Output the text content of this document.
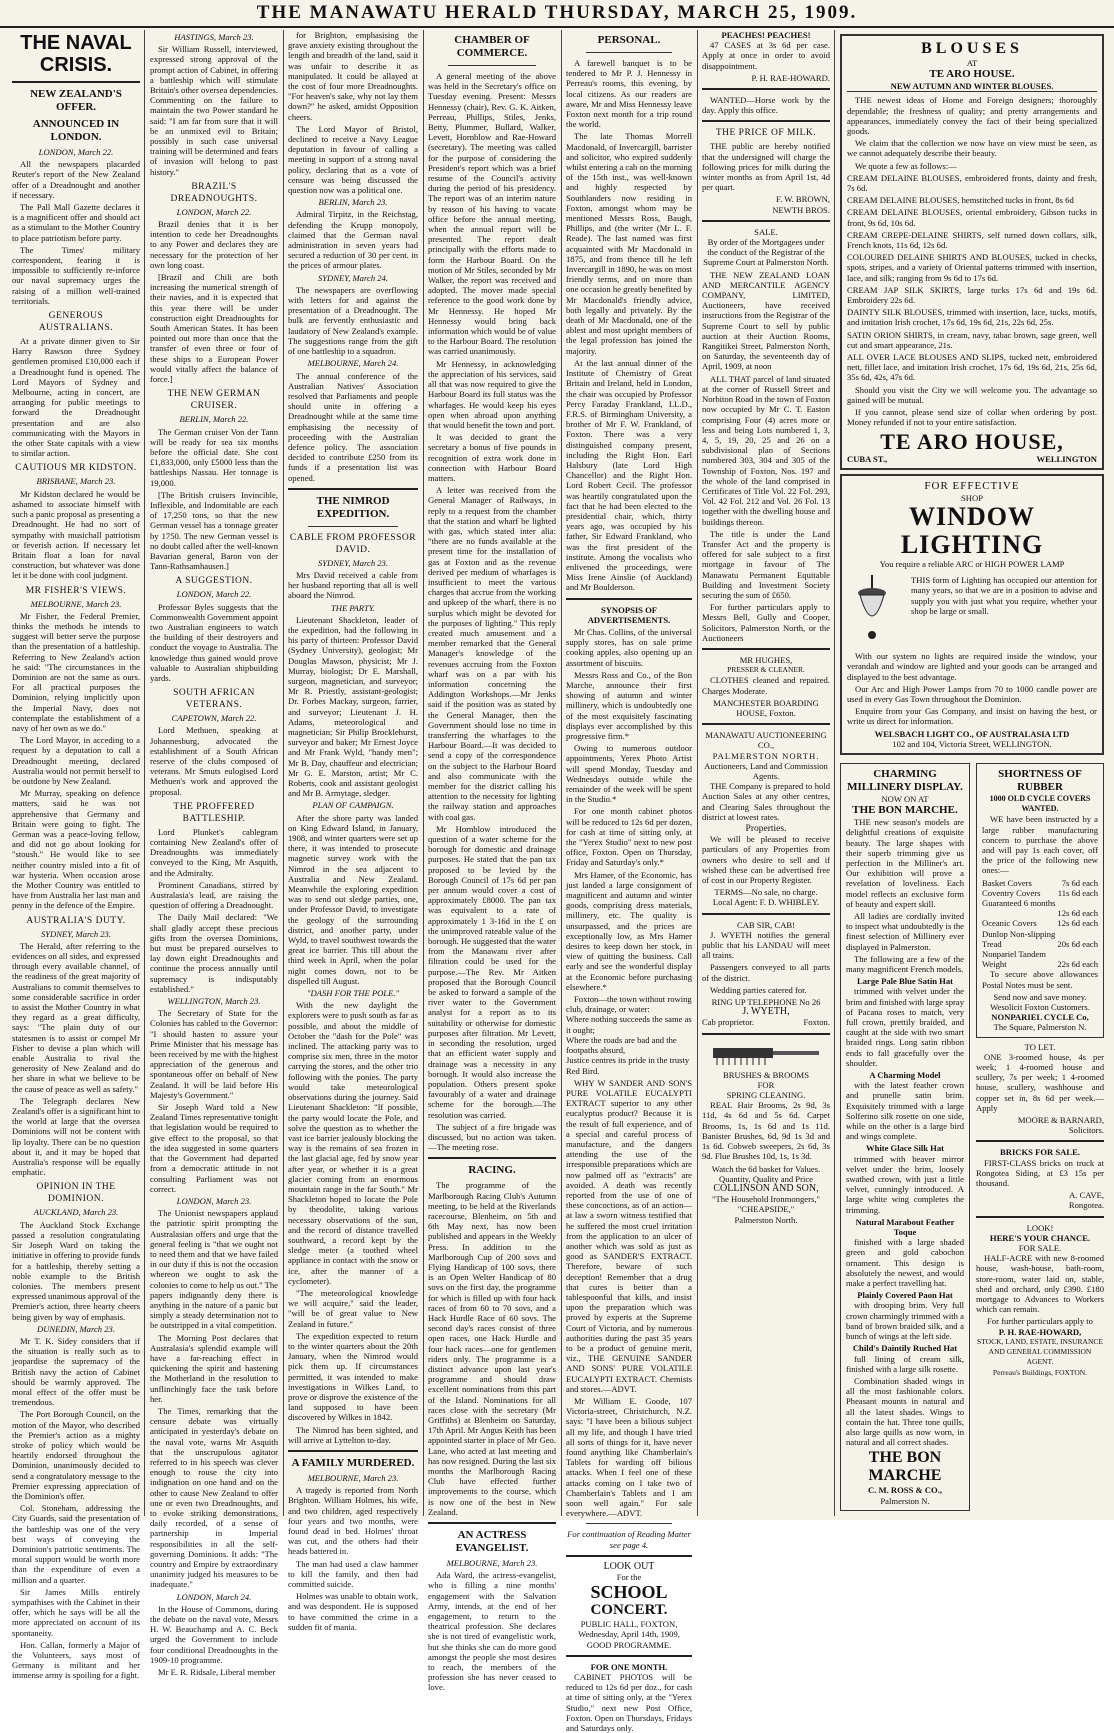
THE MANAWATU HERALD THURSDAY, MARCH 25, 1909.
THE NAVAL CRISIS.
NEW ZEALAND'S OFFER.
ANNOUNCED IN LONDON.
LONDON, March 22.

All the newspapers placarded Reuter's report of the New Zealand offer of a Dreadnought and another if necessary.

The Pall Mall Gazette declares it is a magnificent offer and should act as a stimulant to the Mother Country to place patriotism before party.

The Times' military correspondent, fearing it is impossible to sufficiently re-inforce our naval supremacy urges the raising of a million well-trained territorials.

GENEROUS AUSTRALIANS.

At a private dinner given to Sir Harry Rawson three Sydney gentlemen promised £10,000 each if a Dreadnought fund is opened. The Lord Mayors of Sydney and Melbourne, acting in concert, are arranging for public meetings to forward the Dreadnought presentation and are also communicating with the Mayors in the other State capitals with a view to similar action.

CAUTIOUS MR KIDSTON.
BRISBANE, March 23.

Mr Kidston declared he would be ashamed to associate himself with such a panic proposal as presenting a Dreadnought. He had no sort of sympathy with musichall patriotism or feverish action. If necessary let Britain float a loan for naval construction, but whatever was done let it be done with cool judgment.

MR FISHER'S VIEWS.
MELBOURNE, March 23.

Mr Fisher, the Federal Premier, thinks the methods he intends to suggest will better serve the purpose than the presentation of a battleship. Referring to New Zealand's action he said: "The circumstances in the Dominion are not the same as ours. For all practical purposes the Dominion, relying implicitly upon the Imperial Navy, does not contemplate the establishment of a navy of her own as we do."

The Lord Mayor, in acceding to a request by a deputation to call a Dreadnought meeting, declared Australia would not permit herself to be outdone by New Zealand.

Mr Murray, speaking on defence matters, said he was not apprehensive that Germany and Britain were going to fight. The German was a peace-loving fellow, and did not go about looking for "stoush." He would like to see neither country misled into a fit of war hysteria. When occasion arose the Mother Country was entitled to have from Australia her last man and penny in the defence of the Empire.

AUSTRALIA'S DUTY.
SYDNEY, March 23.

The Herald, after referring to the evidences on all sides, and expressed through every available channel, of the readiness of the great majority of Australians to commit themselves to some considerable sacrifice in order to assist the Mother Country in what they regard as a great difficulty, says: "The plain duty of our statesmen is to assist or compel Mr Fisher to devise a plan which will enable Australia to rival the generosity of New Zealand and do her share in what we believe to be the cause of peace as well as safety."

The Telegraph declares New Zealand's offer is a significant hint to the world at large that the oversea Dominions will not be content with lip loyalty. There can be no question about it, and it may be hoped that Australia's response will be equally emphatic.

OPINION IN THE DOMINION.
AUCKLAND, March 23.

The Auckland Stock Exchange passed a resolution congratulating Sir Joseph Ward on taking the initiative in offering to provide funds for a battleship, thereby setting a noble example to the British colonies. The members present expressed unanimous approval of the Premier's action, three hearty cheers being given by way of emphasis.

DUNEDIN, March 23.

Mr T. K. Sidey considers that if the situation is really such as to jeopardise the supremacy of the British navy the action of Cabinet should be warmly approved. The moral effect of the offer must be tremendous.

The Port Borough Council, on the motion of the Mayor, who described the Premier's action as a mighty stroke of policy which would be heartily endorsed throughout the Dominion, unanimously decided to send a congratulatory message to the Premier expressing appreciation of the Dominion's offer.

Col. Stoneham, addressing the City Guards, said the presentation of the battleship was one of the very best ways of conveying the Dominion's patriotic sentiments. The moral support would be worth more than the expenditure of even a million and a quarter.

Sir James Mills entirely sympathises with the Cabinet in their offer, which he says will be all the more appreciated on account of its spontaneity.

Hon. Callan, formerly a Major of the Volunteers, says most of Germany is militant and her immense army is spoiling for a fight.

HASTINGS, March 23.

Sir William Russell, interviewed, expressed strong approval of the prompt action of Cabinet, in offering a battleship which will stimulate Britain's other oversea dependencies. Commenting on the failure to maintain the two Power standard he said: "I am far from sure that it will be an unmixed evil to Britain; possibly in such case universal training will be determined and fears of invasion will belong to past history."

BRAZIL'S DREADNOUGHTS.
LONDON, March 22.

Brazil denies that it is her intention to cede her Dreadnoughts to any Power and declares they are necessary for the protection of her own long coast.

[Brazil and Chili are both increasing the numerical strength of their navies, and it is expected that this year there will be under construction eight Dreadnoughts for South American States. It has been pointed out more than once that the transfer of even three or four of these ships to a European Power would vitally affect the balance of force.]

THE NEW GERMAN CRUISER.
BERLIN, March 22.

The German cruiser Von der Tann will be ready for sea six months before the official date. She cost £1,833,000, only £5000 less than the battleships Nassau. Her tonnage is 19,000.

[The British cruisers Invincible, Inflexible, and Indomitable are each of 17,250 tons, so that the new German vessel has a tonnage greater by 1750. The new German vessel is no doubt called after the well-known Bavarian general, Baron von der Tann-Rathsamhausen.]

A SUGGESTION.
LONDON, March 22.

Professor Byles suggests that the Commonwealth Government appoint two Australian engineers to watch the building of their destroyers and conduct the voyage to Australia. The knowledge thus gained would prove valuable to Australian shipbuilding yards.

SOUTH AFRICAN VETERANS.
CAPETOWN, March 22.

Lord Methuen, speaking at Johannesburg, advocated the establishment of a South African reserve of the clubs composed of veterans. Mr Smuts eulogised Lord Methuen's work and approved the proposal.

THE PROFFERED BATTLESHIP.

Lord Plunket's cablegram containing New Zealand's offer of Dreadnoughts was immediately conveyed to the King, Mr Asquith, and the Admiralty.

Prominent Canadians, stirred by Australasia's lead, are raising the question of offering a Dreadnought.

The Daily Mail declared: "We shall gladly accept these precious gifts from the oversea Dominions, but must be prepared ourselves to lay down eight Dreadnoughts and continue the process annually until supremacy is indisputably established."

WELLINGTON, March 23.

The Secretary of State for the Colonies has cabled to the Governor: "I should hasten to assure your Prime Minister that his message has been received by me with the highest appreciation of the generous and spontaneous offer on behalf of New Zealand. It will be laid before His Majesty's Government."

Sir Joseph Ward told a New Zealand Times representative tonight that legislation would be required to give effect to the proposal, so that the idea suggested in some quarters that the Government had departed from a democratic attitude in not consulting Parliament was not correct.

LONDON, March 23.

The Unionist newspapers applaud the patriotic spirit prompting the Australasian offers and urge that the general feeling is "that we ought not to need them and that we have failed in our duty if this is not the occasion whereon we ought to ask the colonies to come to help us out." The papers indignantly deny there is anything in the nature of a panic but simply a steady determination not to be outstripped in a vital competition.

The Morning Post declares that Australasia's splendid example will have a far-reaching effect in quickening the spirit and hastening the Motherland in the resolution to unflinchingly face the task before her.

The Times, remarking that the censure debate was virtually anticipated in yesterday's debate on the naval vote, warns Mr Asquith that the unscrupulous agitator referred to in his speech was clever enough to rouse the city into indignation on one hand and on the other to cause New Zealand to offer one or even two Dreadnoughts, and to evoke striking demonstrations, daily recorded, of a sense of partnership in Imperial responsibilities in all the self-governing Dominions. It adds: "The country and Empire by extraordinary unanimity judged his measures to be inadequate."

LONDON, March 24.

In the House of Commons, during the debate on the naval vote, Messrs H. W. Beauchamp and A. C. Beck urged the Government to include four conditional Dreadnoughts in the 1909-10 programme.

Mr E. R. Ridsale, Liberal member

for Brighton, emphasising the grave anxiety existing throughout the length and breadth of the land, said it was unfair to describe it as manipulated. It could be allayed at the cost of four more Dreadnoughts. "For heaven's sake, why not lay them down?" he asked, amidst Opposition cheers.

The Lord Mayor of Bristol, declined to receive a Navy League deputation in favour of calling a meeting in support of a strong naval policy, declaring that as a vote of censure was being discussed the question now was a political one.

BERLIN, March 23.

Admiral Tirpitz, in the Reichstag, defending the Krupp monopoly, claimed that the German naval administration in seven years had secured a reduction of 30 per cent. in the prices of armour plates.

SYDNEY, March 24.

The newspapers are overflowing with letters for and against the presentation of a Dreadnought. The bulk are fervently enthusiastic and laudatory of New Zealand's example. The suggestions range from the gift of one battleship to a squadron.

MELBOURNE, March 24.

The annual conference of the Australian Natives' Association resolved that Parliaments and people should unite in offering a Dreadnought while at the same time emphasising the necessity of proceeding with the Australian defence policy. The association decided to contribute £250 from its funds if a presentation list was opened.

THE NIMROD EXPEDITION.
CABLE FROM PROFESSOR DAVID.
SYDNEY, March 23.

Mrs David received a cable from her husband reporting that all is well aboard the Nimrod.

THE PARTY.

Lieutenant Shackleton, leader of the expedition, had the following in his party of thirteen: Professor David (Sydney University), geologist; Mr Douglas Mawson, physicist; Mr J. Murray, biologist; Dr E. Marshall, surgeon, magnetician, and surveyor; Mr R. Priestly, assistant-geologist; Dr. Forbes Mackay, surgeon, farrier, and surveyor; Lieutenant J. H. Adams, meteorological and magnetician; Sir Philip Brocklehurst, surveyor and baker; Mr Ernest Joyce and Mr Frank Wyld, "handy men"; Mr B. Day, chauffeur and electrician; Mr G. E. Marston, artist; Mr C. Roberts, cook and assistant geologist and Mr B. Armytage, sledger.

PLAN OF CAMPAIGN.

After the shore party was landed on King Edward Island, in January, 1908, and winter quarters were set up there, it was intended to prosecute magnetic survey work with the Nimrod in the sea adjacent to Australia and New Zealand. Meanwhile the exploring expedition was to send out sledge parties, one, under Professor David, to investigate the geology of the surrounding district, and another party, under Wyld, to travel southwest towards the great ice barrier. This till about the third week in April, when the polar night comes down, not to be dispelled till August.

"DASH FOR THE POLE."

With the new daylight the explorers were to push south as far as possible, and about the middle of October the "dash for the Pole" was inclined. The attacking party was to comprise six men, three in the motor carrying the stores, and the other trio following with the ponies. The party would take meteorological observations during the journey. Said Lieutenant Shackleton: "If possible, the party would locate the Pole, and solve the question as to whether the vast ice barrier jealously blocking the way is the remains of sea frozen in the last glacial age, fed by snow year after year, or whether it is a great glacier coming from an enormous mountain range in the far South." Mr Shackleton hoped to locate the Pole by theodolite, taking various necessary observations of the sun, and the record of distance travelled southward, a record kept by the sledge meter (a toothed wheel appliance in contact with the snow or ice, after the manner of a cyclometer).

"The meteorological knowledge we will acquire," said the leader, "will be of great value to New Zealand in future."

The expedition expected to return to the winter quarters about the 20th January, when the Nimrod would pick them up. If circumstances permitted, it was intended to make investigations in Wilkes Land, to prove or disprove the existence of the land supposed to have been discovered by Wilkes in 1842.

The Nimrod has been sighted, and will arrive at Lyttelton to-day.

A FAMILY MURDERED.
MELBOURNE, March 23.

A tragedy is reported from North Brighton. William Holmes, his wife, and two children, aged respectively four years and two months, were found dead in bed. Holmes' throat was cut, and the others had their heads battered in.

The man had used a claw hammer to kill the family, and then had committed suicide.

Holmes was unable to obtain work, and was despondent. He is supposed to have committed the crime in a sudden fit of mania.

CHAMBER OF COMMERCE.

A general meeting of the above was held in the Secretary's office on Tuesday evening. Present: Messrs Hennessy (chair), Rev. G. K. Aitken, Perreau, Phillips, Stiles, Jenks, Betty, Plummer, Bullard, Walker, Levett, Hornblow and Rae-Howard (secretary). The meeting was called for the purpose of considering the President's report which was a brief resume of the Council's activity during the period of his presidency. The report was of an interim nature by reason of his having to vacate office before the annual meeting, when the annual report will be presented. The report dealt principally with the efforts made to form the Harbour Board. On the motion of Mr Stiles, seconded by Mr Walker, the report was received and adopted. The mover made special reference to the good work done by Mr Hennessy. He hoped Mr Hennessy would bring back information which would be of value to the Harbour Board. The resolution was carried unanimously.

Mr Hennessy, in acknowledging the appreciation of his services, said all that was now required to give the Harbour Board its full status was the wharfages. He would keep his eyes open when abroad upon anything that would benefit the town and port.

It was decided to grant the secretary a bonus of five pounds in recognition of extra work done in connection with Harbour Board matters.

A letter was received from the General Manager of Railways, in reply to a request from the chamber that the station and wharf be lighted with gas, which stated inter alia: "there are no funds available at the present time for the installation of gas at Foxton and as the revenue derived per medium of wharfages is insufficient to meet the various charges that accrue from the working and upkeep of the wharf, there is no surplus which might be devoted for the purposes of lighting." This reply created much amusement and a member remarked that the General Manager's knowledge of the revenues accruing from the Foxton wharf was on a par with his information concerning the Addington Workshops.—Mr Jenks said if the position was as stated by the General Manager, then the Government should lose no time in transferring the wharfages to the Harbour Board.—It was decided to send a copy of the correspondence on the subject to the Harbour Board and also communicate with the member for the district calling his attention to the necessity for lighting the railway station and approaches with coal gas.

Mr Hornblow introduced the question of a water scheme for the borough for domestic and drainage purposes. He stated that the pan tax proposed to be levied by the Borough Council of 17s 6d per pan per annum would cover a cost of approximately £8000. The pan tax was equivalent to a rate of approximately 1 3-16d in the £ on the unimproved rateable value of the borough. He suggested that the water from the Manawatu river after filtration could be used for the purpose.—The Rev. Mr Aitken proposed that the Borough Council be asked to forward a sample of the river water to the Government analyst for a report as to its suitability or otherwise for domestic purposes after filtration. Mr Levett, in seconding the resolution, urged that an efficient water supply and drainage was a necessity in any borough. It would also increase the population. Others present spoke favourably of a water and drainage scheme for the borough.—The resolution was carried.

The subject of a fire brigade was discussed, but no action was taken.—The meeting rose.

RACING.

The programme of the Marlborough Racing Club's Autumn meeting, to be held at the Riverlands racecourse, Blenheim, on 5th and 6th May next, has now been published and appears in the Weekly Press. In addition to the Marlborough Cup of 200 sovs and Flying Handicap of 100 sovs, there is an Open Welter Handicap of 80 sovs on the first day, the programme for which is filled up with four hack races of from 60 to 70 sovs, and a Hack Hurdle Race of 60 sovs. The second day's races consist of three open races, one Hack Hurdle and four hack races—one for gentlemen riders only. The programme is a distinct advance upon last year's programme and should draw excellent nominations from this part of the Island. Nominations for all races close with the secretary (Mr Griffiths) at Blenheim on Saturday, 17th April. Mr Angus Keith has been appointed starter in place of Mr Geo. Lane, who acted at last meeting and has now resigned. During the last six months the Marlborough Racing Club have effected further improvements to the course, which is now one of the best in New Zealand.

AN ACTRESS EVANGELIST.
MELBOURNE, March 23.

Ada Ward, the actress-evangelist, who is filling a nine months' engagement with the Salvation Army, intends, at the end of her engagement, to return to the theatrical profession. She declares she is not tired of evangelistic work, but she thinks she can do more good amongst the people she most desires to reach, the members of the profession she has never ceased to love.

PERSONAL.

A farewell banquet is to be tendered to Mr P. J. Hennessy in Perreau's rooms, this evening, by local citizens. As our readers are aware, Mr and Miss Hennessy leave Foxton next month for a trip round the world.

The late Thomas Morrell Macdonald, of Invercargill, barrister and solicitor, who expired suddenly whilst entering a cab on the morning of the 15th inst., was well-known and highly respected by Southlanders now residing in Foxton, amongst whom may be mentioned Messrs Ross, Baugh, Phillips, and (the writer (Mr L. F. Reade). The last named was first acquainted with Mr Macdonald in 1875, and from thence till he left Invercargill in 1890, he was on most friendly terms, and on more than one occasion he greatly benefited by Mr Macdonald's friendly advice, both legally and privately. By the death of Mr Macdonald, one of the ablest and most upright members of the legal profession has joined the majority.

At the last annual dinner of the Institute of Chemistry of Great Britain and Ireland, held in London, the chair was occupied by Professor Percy Faraday Frankland, LL.D., F.R.S. of Birmingham University, a brother of Mr F. W. Frankland, of Foxton. There was a very distinguished company present, including the Right Hon. Earl Halsbury (late Lord High Chancellor) and the Right Hon. Lord Robert Cecil. The professor was heartily congratulated upon the fact that he had been elected to the presidential chair, which, thirty years ago, was occupied by his father, Sir Edward Frankland, who was the first president of the institute. Among the vocalists who enlivened the proceedings, were Miss Irene Ainslie (of Auckland) and Mr Boulderson.

SYNOPSIS OF ADVERTISEMENTS.

Mr Chas. Collins, of the universal supply stores, has on sale prime cooking apples, also opening up an assortment of biscuits.

Messrs Ross and Co., of the Bon Marche, announce their first showing of autumn and winter millinery, which is undoubtedly one of the most exquisitely fascinating displays ever accomplished by this progressive firm.*

Owing to numerous outdoor appointments, Yerex Photo Artist will spend Monday, Tuesday and Wednesdays outside while the remainder of the week will be spent in the Studio.*

For one month cabinet photos will be reduced to 12s 6d per dozen, for cash at time of sitting only, at the "Yerex Studio" next to new post office, Foxton. Open on Thursday, Friday and Saturday's only.*

Mrs Hamer, of the Economic, has just landed a large consignment of magnificent and autumn and winter goods, comprising dress materials, millinery, etc. The quality is unsurpassed, and the prices are exceptionally low, as Mrs Hamer desires to keep down her stock, in view of quitting the business. Call early and see the wonderful display at the Economic before purchasing elsewhere.*

Foxton—the town without rowing club, drainage, or water:
Where nothing succeeds the same as it ought;
Where the roads are bad and the footpaths absurd,
Justice centres its pride in the trusty Red Bird.

WHY W SANDER AND SON'S PURE VOLATILE EUCALYPTI EXTRACT superior to any other eucalyptus product? Because it is the result of full experience, and of a special and careful process of manufacture, and the dangers attending the use of the irresponsible preparations which are now palmed off as "extracts" are avoided. A death was recently reported from the use of one of these concoctions, as of an action—at law a sworn witness testified that he suffered the most cruel irritation from the application to an ulcer of another which was sold as just as good as SANDER'S EXTRACT. Therefore, beware of such deception! Remember that a drug that cures is better than a tablespoonful that kills, and insist upon the preparation which was proved by experts at the Supreme Court of Victoria, and by numerous authorities during the past 35 years to be a product of genuine merit, viz., THE GENUINE SANDER AND SONS' PURE VOLATILE EUCALYPTI EXTRACT. Chemists and stores.—ADVT.

Mr William E. Goode, 107 Victoria-street, Christchurch, N.Z. says: "I have been a bilious subject all my life, and though I have tried all sorts of things for it, have never found anything like Chamberlain's Tablets for warding off bilious attacks. When I feel one of these attacks coming on I take two of Chamberlain's Tablets and I am soon well again." For sale everywhere.—ADVT.

For continuation of Reading Matter see page 4.
LOOK OUT
For the
SCHOOL
CONCERT.
PUBLIC HALL, FOXTON,
Wednesday, April 14th, 1909,
GOOD PROGRAMME.
FOR ONE MONTH.

CABINET PHOTOS will be reduced to 12s 6d per doz., for cash at time of sitting only, at the "Yerex Studio," next new Post Office, Foxton. Open on Thursdays, Fridays and Saturdays only.

PEACHES! PEACHES!

47 CASES at 3s 6d per case. Apply at once in order to avoid disappointment.

P. H. RAE-HOWARD.

WANTED—Horse work by the day. Apply this office.

THE PRICE OF MILK.

THE public are hereby notified that the undersigned will charge the following prices for milk during the winter months as from April 1st, 4d per quart.

F. W. BROWN,
NEWTH BROS.
SALE.

By order of the Mortgagees under the conduct of the Registrar of the Supreme Court at Palmerston North.

THE NEW ZEALAND LOAN AND MERCANTILE AGENCY COMPANY, LIMITED, Auctioneers, have received instructions from the Registrar of the Supreme Court to sell by public auction at their Auction Rooms, Rangitikei Street, Palmerston North, on Saturday, the seventeenth day of April, 1909, at noon

ALL THAT parcel of land situated at the corner of Russell Street and Norbiton Road in the town of Foxton now occupied by Mr C. T. Easton comprising Four (4) acres more or less and being Lots numbered 1, 3, 4, 5, 19, 20, 25 and 26 on a subdivisional plan of Sections numbered 303, 304 and 305 of the Township of Foxton, Nos. 197 and the whole of the land comprised in Certificates of Title Vol. 22 Fol. 293, Vol. 42 Fol. 212 and Vol. 26 Fol. 13 together with the dwelling house and buildings thereon.

The title is under the Land Transfer Act and the property is offered for sale subject to a first mortgage in favour of The Manawatu Permanent Equitable Building and Investment Society securing the sum of £650.

For further particulars apply to Messrs Bell, Gully and Cooper, Solicitors, Palmerston North, or the Auctioneers

MR HUGHES,
PRESSER & CLEANER.

CLOTHES cleaned and repaired. Charges Moderate.

MANCHESTER BOARDING HOUSE, Foxton.
MANAWATU AUCTIONEERING CO.,
PALMERSTON NORTH.
Auctioneers, Land and Commission Agents.

THE Company is prepared to hold Auction Sales at any other centres, and Clearing Sales throughout the district at lowest rates.

Properties.

We will be pleased to receive particulars of any Properties from owners who desire to sell and if wished these can be advertised free of cost in our Property Register.

TERMS—No sale, no charge.
Local Agent: F. D. WHIBLEY.
CAB SIR, CAB!

J. WYETH notifies the general public that his LANDAU will meet all trains.

Passengers conveyed to all parts of the district.

Wedding parties catered for.

RING UP TELEPHONE No 26
J. WYETH,
Cab proprietor.	Foxton.
BRUSHES & BROOMS
FOR
SPRING CLEANING.

REAL Hair Brooms, 2s 9d, 3s 11d, 4s 6d and 5s 6d. Carpet Brooms, 1s, 1s 6d and 1s 11d. Banister Brushes, 6d, 9d 1s 3d and 1s 6d. Cobweb sweepers, 2s 6d, 3s 9d. Flue Brushes 10d, 1s, 1s 3d.

Watch the 6d basket for Values.
Quantity, Quality and Price
COLLINSON AND SON,
"The Household Ironmongers,"
"CHEAPSIDE,"
Palmerston North.
BLOUSES
AT
TE ARO HOUSE.
NEW AUTUMN AND WINTER BLOUSES.

THE newest ideas of Home and Foreign designers; thoroughly dependable; the freshness of quality; and pretty arrangements and appearances, immediately convey the fact of their being specialized goods.

We claim that the collection we now have on view must be seen, as we cannot adequately describe their beauty.

We quote a few as follows:—

CREAM DELAINE BLOUSES, embroidered fronts, dainty and fresh, 7s 6d.

CREAM DELAINE BLOUSES, hemstitched tucks in front, 8s 6d

CREAM DELAINE BLOUSES, oriental embroidery, Gibson tucks in front, 9s 6d, 10s 6d.

CREAM CREPE-DELAINE SHIRTS, self turned down collars, silk, French knots, 11s 6d, 12s 6d.

COLOURED DELAINE SHIRTS AND BLOUSES, tucked in checks, spots, stripes, and a variety of Oriental patterns trimmed with insertion, lace, and silk; ranging from 9s 6d to 17s 6d.

CREAM JAP SILK SKIRTS, large tucks 17s 6d and 19s 6d. Embroidery 22s 6d.

DAINTY SILK BLOUSES, trimmed with insertion, lace, tucks, motifs, and imitation Irish crochet, 17s 6d, 19s 6d, 21s, 22s 6d, 25s.

SATIN ORION SHIRTS, in cream, navy, tabac brown, sage green, well cut and smart appearance, 21s.

ALL OVER LACE BLOUSES AND SLIPS, tucked nett, embroidered nett, fillet lace, and imitation Irish crochet, 17s 6d, 19s 6d, 21s, 25s 6d, 35s 6d, 42s, 47s 6d.

Should you visit the City we will welcome you. The advantage so gained will be mutual.

If you cannot, please send size of collar when ordering by post. Money refunded if not to your entire satisfaction.

TE ARO HOUSE,
CUBA ST.,	WELLINGTON
FOR EFFECTIVE
SHOP
WINDOW
LIGHTING
You require a reliable ARC or HIGH POWER LAMP

THIS form of Lighting has occupied our attention for many years, so that we are in a position to advise and supply you with just what you require, whether your shop be large or small.

With our system no lights are required inside the window, your verandah and window are lighted and your goods can be arranged and displayed to the best advantage.

Our Arc and High Power Lamps from 70 to 1000 candle power are used in every Gas Town throughout the Dominion.

Enquire from your Gas Company, and insist on having the best, or write us direct for information.

WELSBACH LIGHT CO., OF AUSTRALASIA LTD
102 and 104, Victoria Street, WELLINGTON.
CHARMING MILLINERY DISPLAY.
NOW ON AT
THE BON MARCHE.

THE new season's models are delightful creations of exquisite beauty. The large shapes with their superb trimming give us perfection in the Milliner's art. Our exhibition will prove a revelation of loveliness. Each model reflects an exclusive form of beauty and expert skill.

All ladies are cordially invited to inspect what undoubtedly is the finest selection of Millinery ever displayed in Palmerston.

The following are a few of the many magnificent French models.

Large Pale Blue Satin Hat

trimmed with velvet under the brim and finished with large spray of Pacana roses to match, very full crown, prettily braided, and caught at the side with two smart braided rings. Long satin ribbon ends to fall gracefully over the shoulder.

A Charming Model

with the latest feather crown and prunelle satin brim. Exquisitely trimmed with a large Solferino silk rosette on one side, while on the other is a large bird and wings complete.

White Glace Silk Hat

trimmed with beaver mirror velvet under the brim, loosely swathed crown, with just a little velvet, cunningly introduced. A large white wing completes the trimming.

Natural Marabout Feather Toque

finished with a large shaded green and gold cabochon ornament. This design is absolutely the newest, and would make a perfect travelling hat.

Plainly Covered Paon Hat

with drooping brim. Very full crown charmingly trimmed with a band of brown braided silk, and a bunch of wings at the left side.

Child's Daintily Ruched Hat

full lining of cream silk, finished with a large silk rosette.

Combination shaded wings in all the most fashionable colors. Pheasant mounts in natural and all the latest shades. Wings to contain the hat. Three tone quills, also large quills as now worn, in natural and all correct shades.

THE BON MARCHE
C. M. ROSS & CO.,
Palmerston N.
SHORTNESS OF RUBBER
1000 OLD CYCLE COVERS WANTED.

WE have been instructed by a large rubber manufacturing concern to purchase the above and will pay 1s each cover, off the price of the following new ones:—

Basket Covers	7s 6d each
Coventry Covers 11s 6d each
Guaranteed 6 months
12s 6d each
Oceanic Covers 12s 6d each
Dunlop Non-slipping
Tread	20s 6d each
Nonpariel Tandem
Weight	22s 6d each

To secure above allowances Postal Notes must be sent.

Send now and save money.
Wesolicit Foxton Customers.
NONPARIEL CYCLE Co,
The Square, Palmerston N.
TO LET.

ONE 3-roomed house, 4s per week; 1 4-roomed house and scullery, 7s per week; 1 4-roomed house, scullery, washhouse and copper set in, 8s 6d per week.—Apply

MOORE & BARNARD,
Solicitors.
BRICKS FOR SALE.

FIRST-CLASS bricks on truck at Rongotea Siding, at £3 15s per thousand.

A. CAVE,
Rongotea.
LOOK!
HERE'S YOUR CHANCE.
FOR SALE.

HALF-ACRE with new 8-roomed house, wash-house, bath-room, store-room, water laid on, stable, shed and orchard, only £390. £180 mortgage to Advances to Workers which can remain.

For further particulars apply to
P. H. RAE-HOWARD,
STOCK, LAND, ESTATE, INSURANCE AND GENERAL COMMISSION AGENT.
Perreau's Buildings, FOXTON.
